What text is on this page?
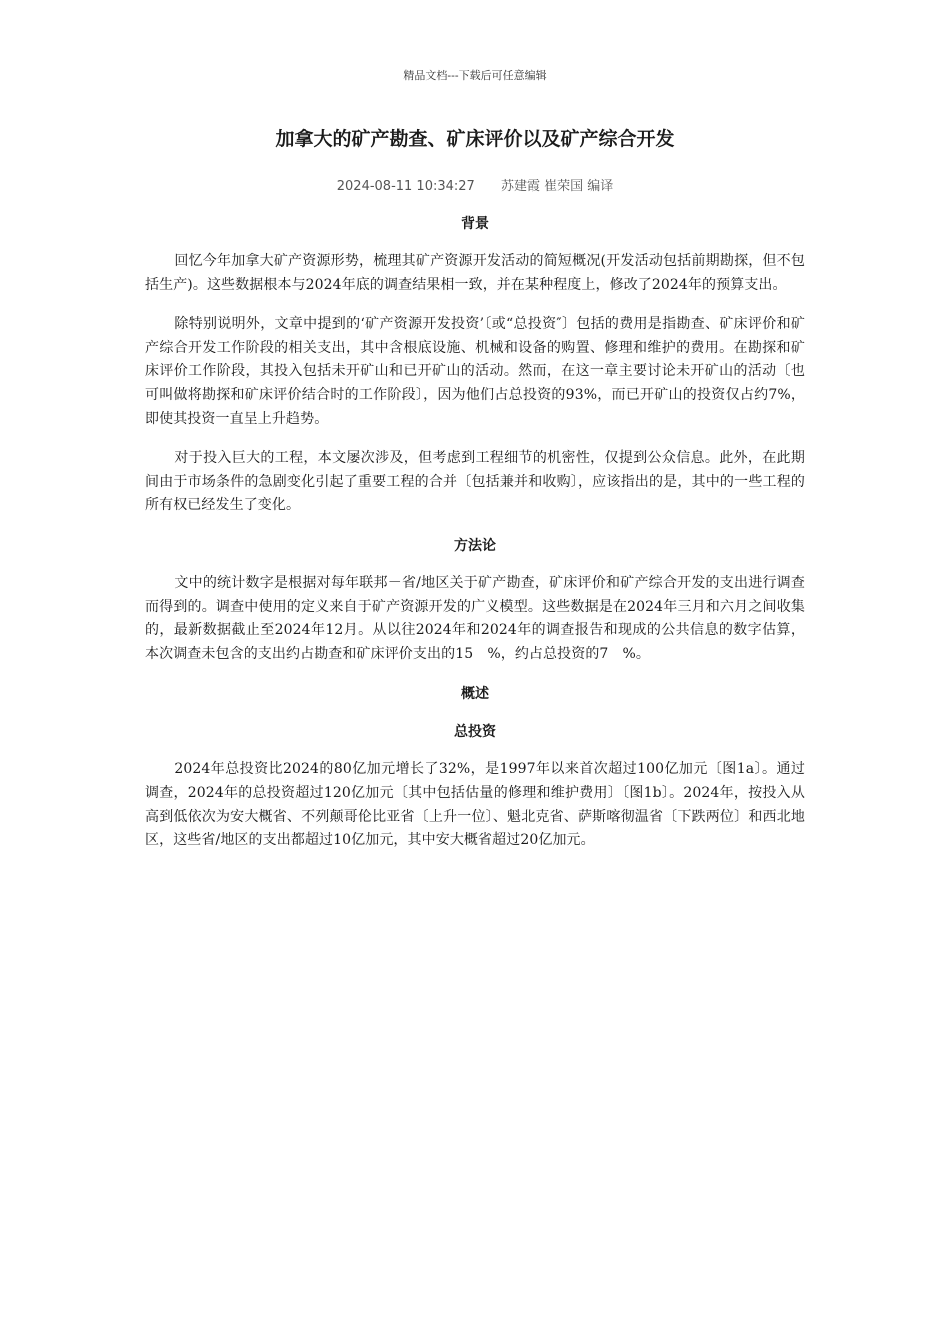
精品文档---下载后可任意编辑
加拿大的矿产勘查、矿床评价以及矿产综合开发
2024-08-11 10:34:27 苏建霞 崔荣国 编译
背景

回忆今年加拿大矿产资源形势，梳理其矿产资源开发活动的简短概况(开发活动包括前期勘探，但不包括生产)。这些数据根本与2024年底的调查结果相一致，并在某种程度上，修改了2024年的预算支出。

除特别说明外，文章中提到的‘矿产资源开发投资’〔或“总投资″〕包括的费用是指勘查、矿床评价和矿产综合开发工作阶段的相关支出，其中含根底设施、机械和设备的购置、修理和维护的费用。在勘探和矿床评价工作阶段，其投入包括未开矿山和已开矿山的活动。然而，在这一章主要讨论未开矿山的活动〔也可叫做将勘探和矿床评价结合时的工作阶段〕，因为他们占总投资的93%，而已开矿山的投资仅占约7%，即使其投资一直呈上升趋势。

对于投入巨大的工程，本文屡次涉及，但考虑到工程细节的机密性，仅提到公众信息。此外，在此期间由于市场条件的急剧变化引起了重要工程的合并〔包括兼并和收购〕，应该指出的是，其中的一些工程的所有权已经发生了变化。

方法论

文中的统计数字是根据对每年联邦－省/地区关于矿产勘查，矿床评价和矿产综合开发的支出进行调查而得到的。调查中使用的定义来自于矿产资源开发的广义模型。这些数据是在2024年三月和六月之间收集的，最新数据截止至2024年12月。从以往2024年和2024年的调查报告和现成的公共信息的数字估算，本次调查未包含的支出约占勘查和矿床评价支出的15　%，约占总投资的7　%。

概述
总投资

2024年总投资比2024的80亿加元增长了32%，是1997年以来首次超过100亿加元〔图1a〕。通过调查，2024年的总投资超过120亿加元〔其中包括估量的修理和维护费用〕〔图1b〕。2024年，按投入从高到低依次为安大概省、不列颠哥伦比亚省〔上升一位〕、魁北克省、萨斯喀彻温省〔下跌两位〕和西北地区，这些省/地区的支出都超过10亿加元，其中安大概省超过20亿加元。
